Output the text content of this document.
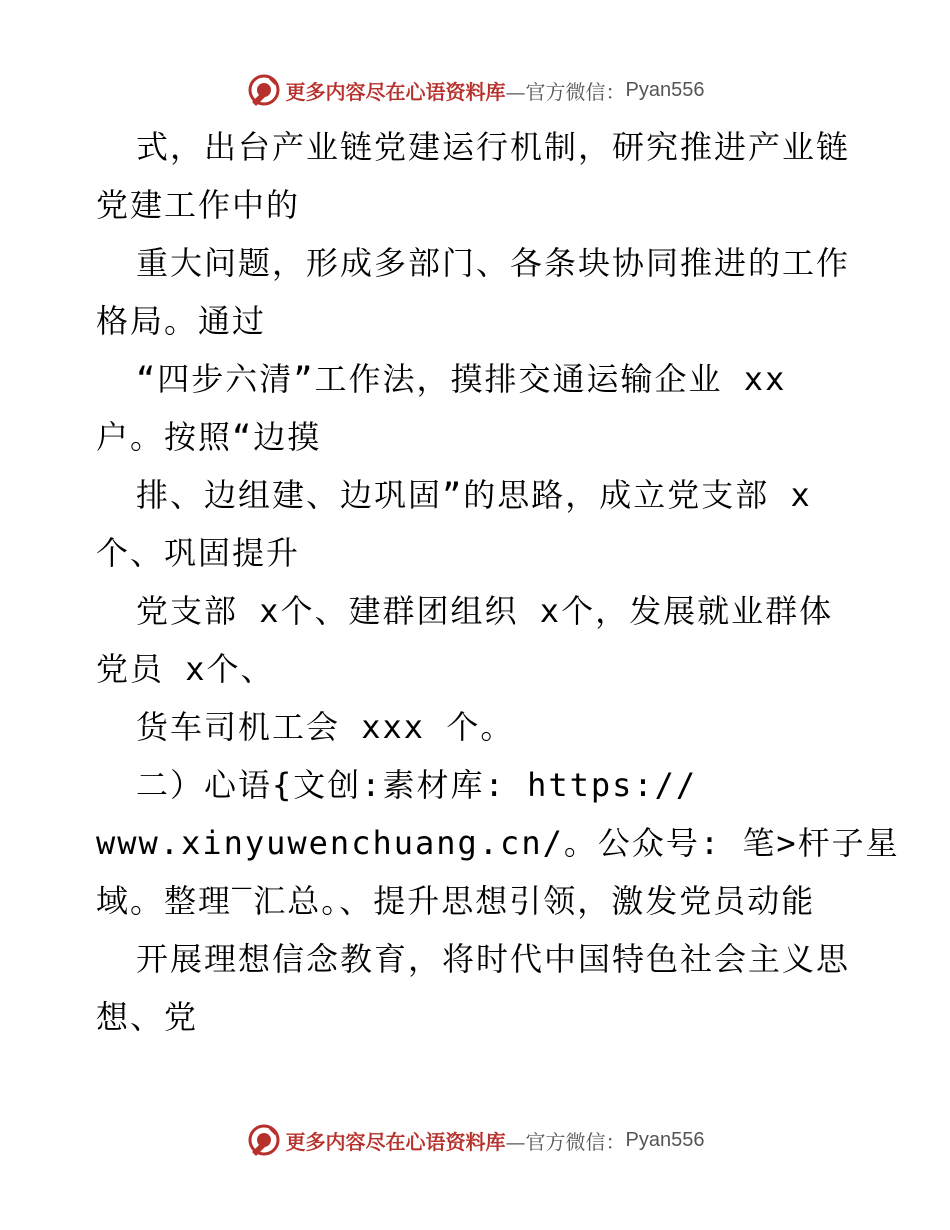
更多内容尽在心语资料库 —官方微信： Pyan556
式，出台产业链党建运行机制，研究推进产业链
党建工作中的
重大问题，形成多部门、各条块协同推进的工作
格局。通过
“四步六清”工作法，摸排交通运输企业 xx
户。按照“边摸
排、边组建、边巩固”的思路，成立党支部 x
个、巩固提升
党支部 x个、建群团组织 x个，发展就业群体
党员 x个、
货车司机工会 xxx 个。
二）心语{文创:素材库: https://
www.xinyuwenchuang.cn/。公众号: 笔>杆子星
域。整理‾汇总。、提升思想引领，激发党员动能
开展理想信念教育，将时代中国特色社会主义思
想、党
更多内容尽在心语资料库 —官方微信： Pyan556
